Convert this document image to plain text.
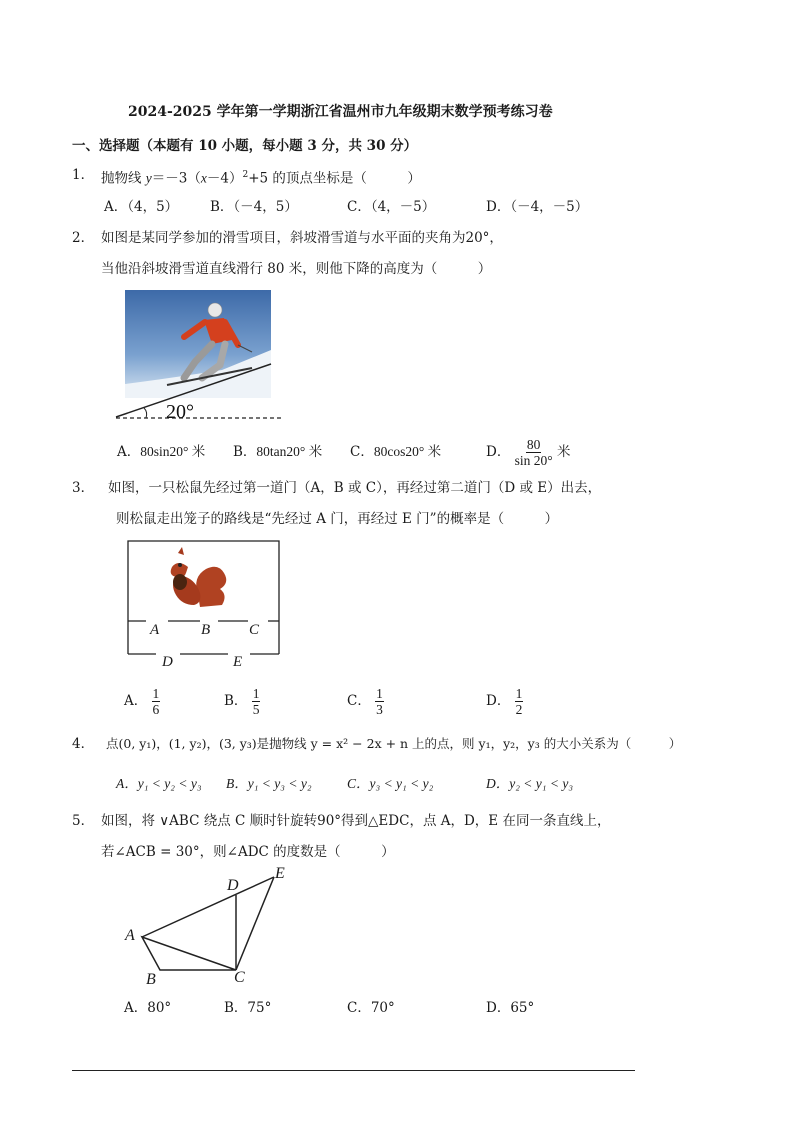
2024-2025 学年第一学期浙江省温州市九年级期末数学预考练习卷
一、选择题（本题有 10 小题，每小题 3 分，共 30 分）
1． 抛物线 $y=-3(x-4)^2+5$ 的顶点坐标是（　　　）
A．（4，5） B．（－4，5）	C．（4，－5）	D．（－4，－5）
2． 如图是某同学参加的滑雪项目，斜坡滑雪道与水平面的夹角为20°，
当他沿斜坡滑雪道直线滑行 80 米，则他下降的高度为（　　　）
20°
A．80sin20° 米 B．80tan20° 米 C．80cos20° 米	D． $\frac{80}{\sin 20^\circ}$ 米
3． 如图，一只松鼠先经过第一道门（A，B 或 C），再经过第二道门（D 或 E）出去，
则松鼠走出笼子的路线是“先经过 A 门，再经过 E 门”的概率是（　　　）
A	B	C
D	E
A． $\frac{1}{6}$	B． $\frac{1}{5}$	C． $\frac{1}{3}$	D． $\frac{1}{2}$
4． 点(0, y₁)，(1, y₂)，(3, y₃)是抛物线 y = x² − 2x + n 上的点，则 y₁，y₂，y₃ 的大小关系为（　　　）
A．y₁ < y₂ < y₃ B．y₁ < y₃ < y₂	C．y₃ < y₁ < y₂	D．y₂ < y₁ < y₃
5． 如图，将 ∨ABC 绕点 C 顺时针旋转90°得到△EDC，点 A，D，E 在同一条直线上，
若∠ACB = 30°，则∠ADC 的度数是（　　　）
A
B	C
D
E
A．80°	B．75°	C．70°	D．65°
